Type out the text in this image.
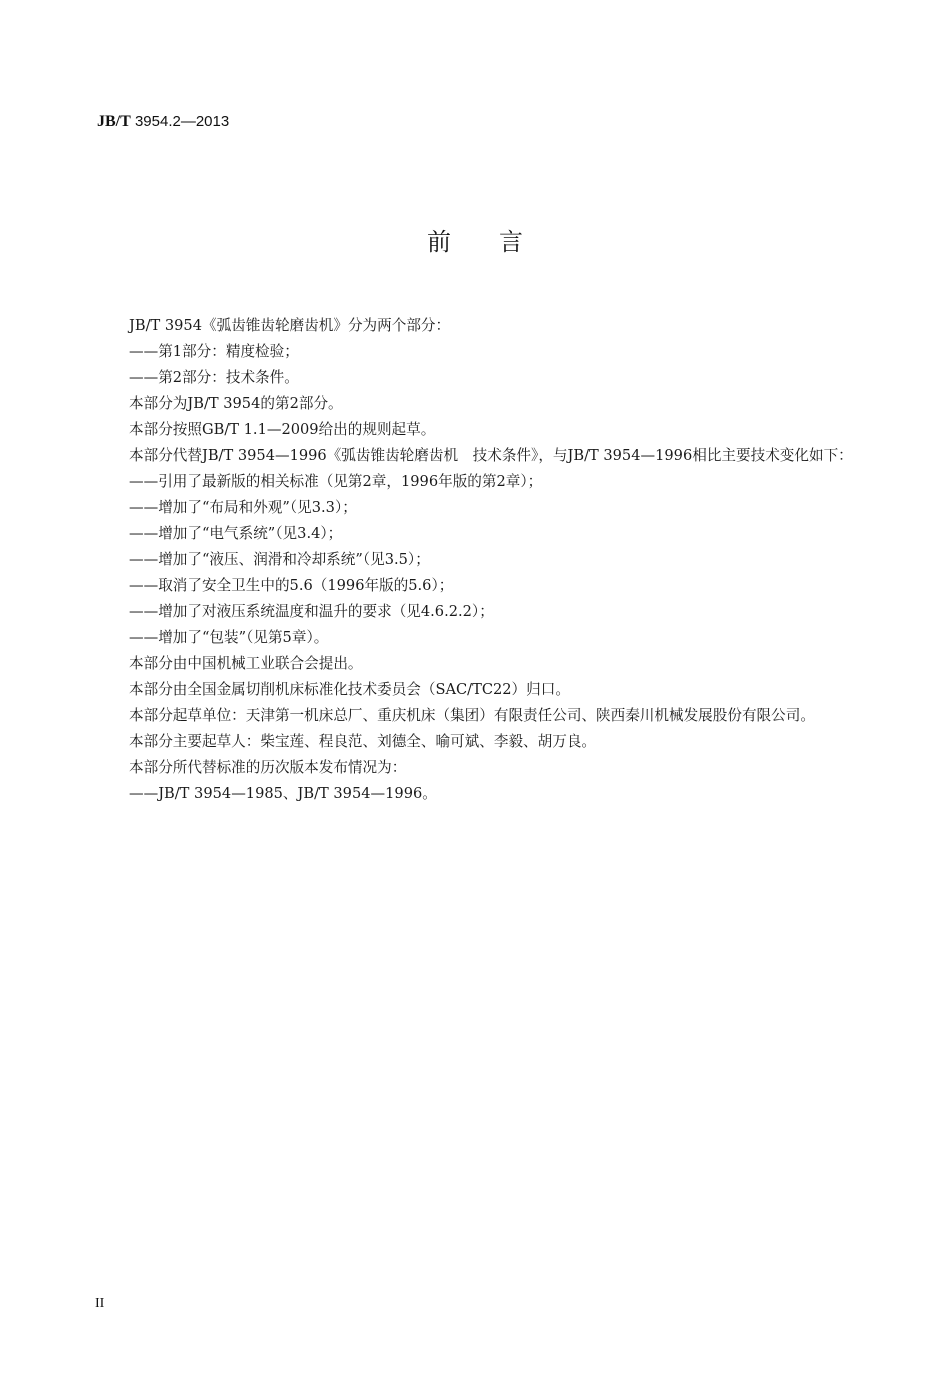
JB/T 3954.2—2013
前言

JB/T 3954《弧齿锥齿轮磨齿机》分为两个部分：

——第1部分：精度检验；

——第2部分：技术条件。

本部分为JB/T 3954的第2部分。

本部分按照GB/T 1.1—2009给出的规则起草。

本部分代替JB/T 3954—1996《弧齿锥齿轮磨齿机　技术条件》，与JB/T 3954—1996相比主要技术变化如下：

——引用了最新版的相关标准（见第2章，1996年版的第2章）；

——增加了“布局和外观”（见3.3）；

——增加了“电气系统”（见3.4）；

——增加了“液压、润滑和冷却系统”（见3.5）；

——取消了安全卫生中的5.6（1996年版的5.6）；

——增加了对液压系统温度和温升的要求（见4.6.2.2）；

——增加了“包装”（见第5章）。

本部分由中国机械工业联合会提出。

本部分由全国金属切削机床标准化技术委员会（SAC/TC22）归口。

本部分起草单位：天津第一机床总厂、重庆机床（集团）有限责任公司、陕西秦川机械发展股份有限公司。

本部分主要起草人：柴宝莲、程良范、刘德全、喻可斌、李毅、胡万良。

本部分所代替标准的历次版本发布情况为：

——JB/T 3954—1985、JB/T 3954—1996。

II
